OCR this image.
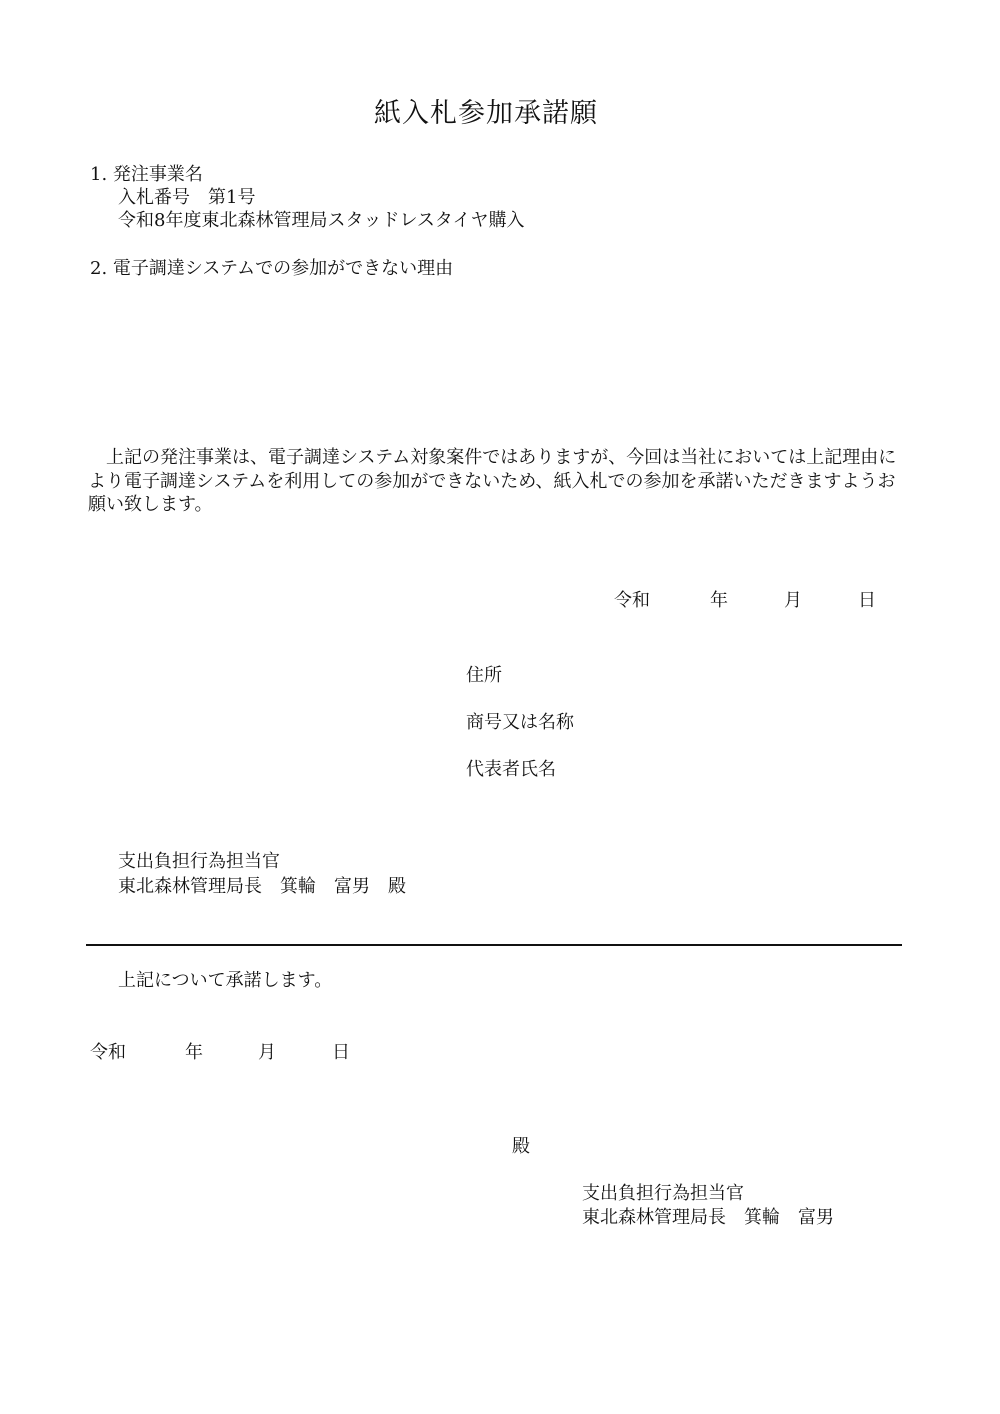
紙入札参加承諾願
1. 発注事業名
入札番号　第1号
令和8年度東北森林管理局スタッドレスタイヤ購入
2. 電子調達システムでの参加ができない理由
　上記の発注事業は、電子調達システム対象案件ではありますが、今回は当社においては上記理由により電子調達システムを利用しての参加ができないため、紙入札での参加を承諾いただきますようお願い致します。
令和	年	月	日
住所
商号又は名称
代表者氏名
支出負担行為担当官
東北森林管理局長　箕輪　富男　殿
上記について承諾します。
令和	年	月	日
殿
支出負担行為担当官
東北森林管理局長　箕輪　富男
